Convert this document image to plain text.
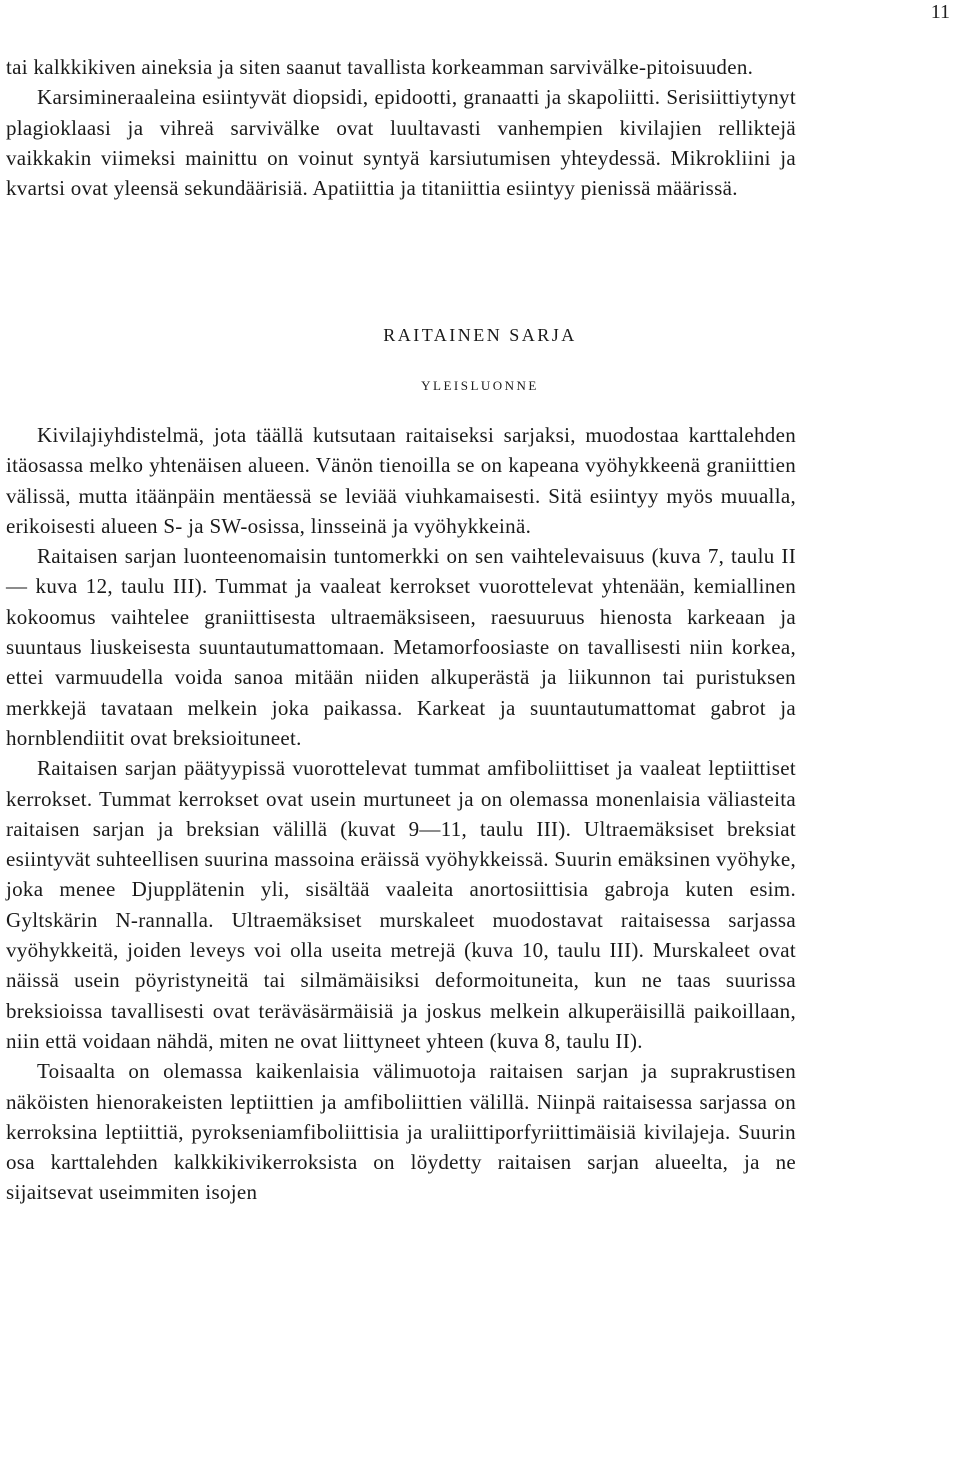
11

tai kalkkikiven aineksia ja siten saanut tavallista korkeamman sarvivälke-pitoisuuden.

Karsimineraaleina esiintyvät diopsidi, epidootti, granaatti ja skapoliitti. Serisiittiytynyt plagioklaasi ja vihreä sarvivälke ovat luultavasti vanhempien kivilajien relliktejä vaikkakin viimeksi mainittu on voinut syntyä karsiutumisen yhteydessä. Mikrokliini ja kvartsi ovat yleensä sekundäärisiä. Apatiittia ja titaniittia esiintyy pienissä määrissä.

RAITAINEN SARJA
YLEISLUONNE

Kivilajiyhdistelmä, jota täällä kutsutaan raitaiseksi sarjaksi, muodostaa karttalehden itäosassa melko yhtenäisen alueen. Vänön tienoilla se on kapeana vyöhykkeenä graniittien välissä, mutta itäänpäin mentäessä se leviää viuhkamaisesti. Sitä esiintyy myös muualla, erikoisesti alueen S- ja SW-osissa, linsseinä ja vyöhykkeinä.

Raitaisen sarjan luonteenomaisin tuntomerkki on sen vaihtelevaisuus (kuva 7, taulu II — kuva 12, taulu III). Tummat ja vaaleat kerrokset vuorottelevat yhtenään, kemiallinen kokoomus vaihtelee graniittisesta ultraemäksiseen, raesuuruus hienosta karkeaan ja suuntaus liuskeisesta suuntautumattomaan. Metamorfoosiaste on tavallisesti niin korkea, ettei varmuudella voida sanoa mitään niiden alkuperästä ja liikunnon tai puristuksen merkkejä tavataan melkein joka paikassa. Karkeat ja suuntautumattomat gabrot ja hornblendiitit ovat breksioituneet.

Raitaisen sarjan päätyypissä vuorottelevat tummat amfiboliittiset ja vaaleat leptiittiset kerrokset. Tummat kerrokset ovat usein murtuneet ja on olemassa monenlaisia väliasteita raitaisen sarjan ja breksian välillä (kuvat 9—11, taulu III). Ultraemäksiset breksiat esiintyvät suhteellisen suurina massoina eräissä vyöhykkeissä. Suurin emäksinen vyöhyke, joka menee Djupplätenin yli, sisältää vaaleita anortosiittisia gabroja kuten esim. Gyltskärin N-rannalla. Ultraemäksiset murskaleet muodostavat raitaisessa sarjassa vyöhykkeitä, joiden leveys voi olla useita metrejä (kuva 10, taulu III). Murskaleet ovat näissä usein pöyristyneitä tai silmämäisiksi deformoituneita, kun ne taas suurissa breksioissa tavallisesti ovat teräväsärmäisiä ja joskus melkein alkuperäisillä paikoillaan, niin että voidaan nähdä, miten ne ovat liittyneet yhteen (kuva 8, taulu II).

Toisaalta on olemassa kaikenlaisia välimuotoja raitaisen sarjan ja suprakrustisen näköisten hienorakeisten leptiittien ja amfiboliittien välillä. Niinpä raitaisessa sarjassa on kerroksina leptiittiä, pyrokseniamfiboliittisia ja uraliittiporfyriittimäisiä kivilajeja. Suurin osa karttalehden kalkkikivikerroksista on löydetty raitaisen sarjan alueelta, ja ne sijaitsevat useimmiten isojen
